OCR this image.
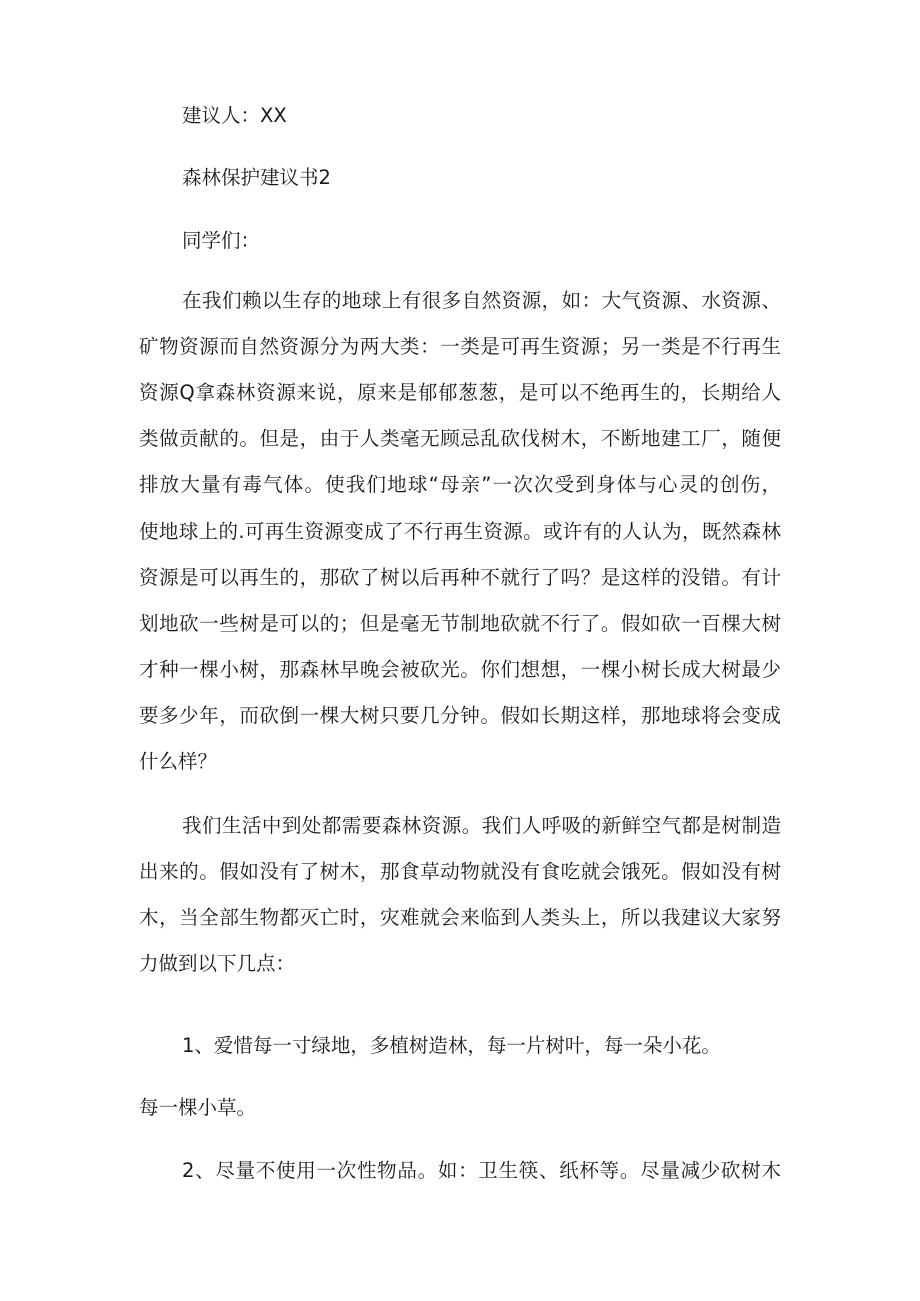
建议人：XX

森林保护建议书2

同学们：

在我们赖以生存的地球上有很多自然资源，如：大气资源、水资源、

矿物资源而自然资源分为两大类：一类是可再生资源；另一类是不行再生

资源Q拿森林资源来说，原来是郁郁葱葱，是可以不绝再生的，长期给人

类做贡献的。但是，由于人类毫无顾忌乱砍伐树木，不断地建工厂，随便

排放大量有毒气体。使我们地球“母亲”一次次受到身体与心灵的创伤，

使地球上的.可再生资源变成了不行再生资源。或许有的人认为，既然森林

资源是可以再生的，那砍了树以后再种不就行了吗？是这样的没错。有计

划地砍一些树是可以的；但是毫无节制地砍就不行了。假如砍一百棵大树

才种一棵小树，那森林早晚会被砍光。你们想想，一棵小树长成大树最少

要多少年，而砍倒一棵大树只要几分钟。假如长期这样，那地球将会变成

什么样？

我们生活中到处都需要森林资源。我们人呼吸的新鲜空气都是树制造

出来的。假如没有了树木，那食草动物就没有食吃就会饿死。假如没有树

木，当全部生物都灭亡时，灾难就会来临到人类头上，所以我建议大家努

力做到以下几点：

1、爱惜每一寸绿地，多植树造林，每一片树叶，每一朵小花。

每一棵小草。

2、尽量不使用一次性物品。如：卫生筷、纸杯等。尽量减少砍树木
